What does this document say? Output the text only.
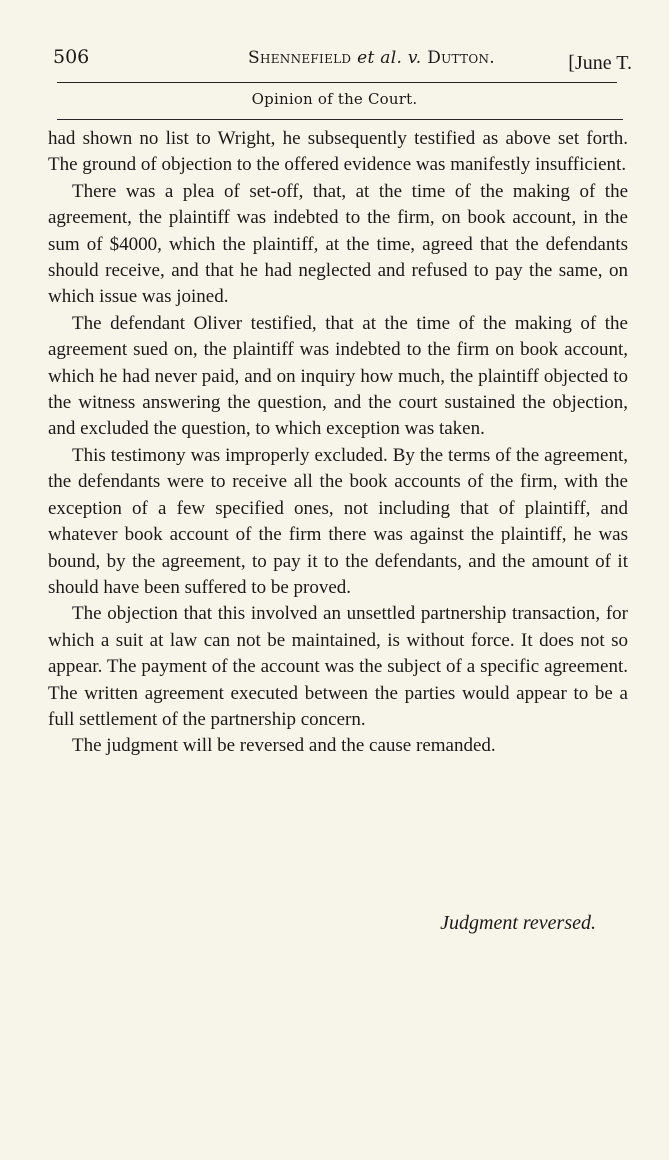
506	Shennefield et al. v. Dutton.	[June T.
Opinion of the Court.

had shown no list to Wright, he subsequently testified as above set forth. The ground of objection to the offered evidence was manifestly insufficient.

There was a plea of set-off, that, at the time of the making of the agreement, the plaintiff was indebted to the firm, on book account, in the sum of $4000, which the plaintiff, at the time, agreed that the defendants should receive, and that he had neglected and refused to pay the same, on which issue was joined.

The defendant Oliver testified, that at the time of the making of the agreement sued on, the plaintiff was indebted to the firm on book account, which he had never paid, and on inquiry how much, the plaintiff objected to the witness answering the question, and the court sustained the objection, and excluded the question, to which exception was taken.

This testimony was improperly excluded. By the terms of the agreement, the defendants were to receive all the book accounts of the firm, with the exception of a few specified ones, not including that of plaintiff, and whatever book account of the firm there was against the plaintiff, he was bound, by the agreement, to pay it to the defendants, and the amount of it should have been suffered to be proved.

The objection that this involved an unsettled partnership transaction, for which a suit at law can not be maintained, is without force. It does not so appear. The payment of the account was the subject of a specific agreement. The written agreement executed between the parties would appear to be a full settlement of the partnership concern.

The judgment will be reversed and the cause remanded.

Judgment reversed.
